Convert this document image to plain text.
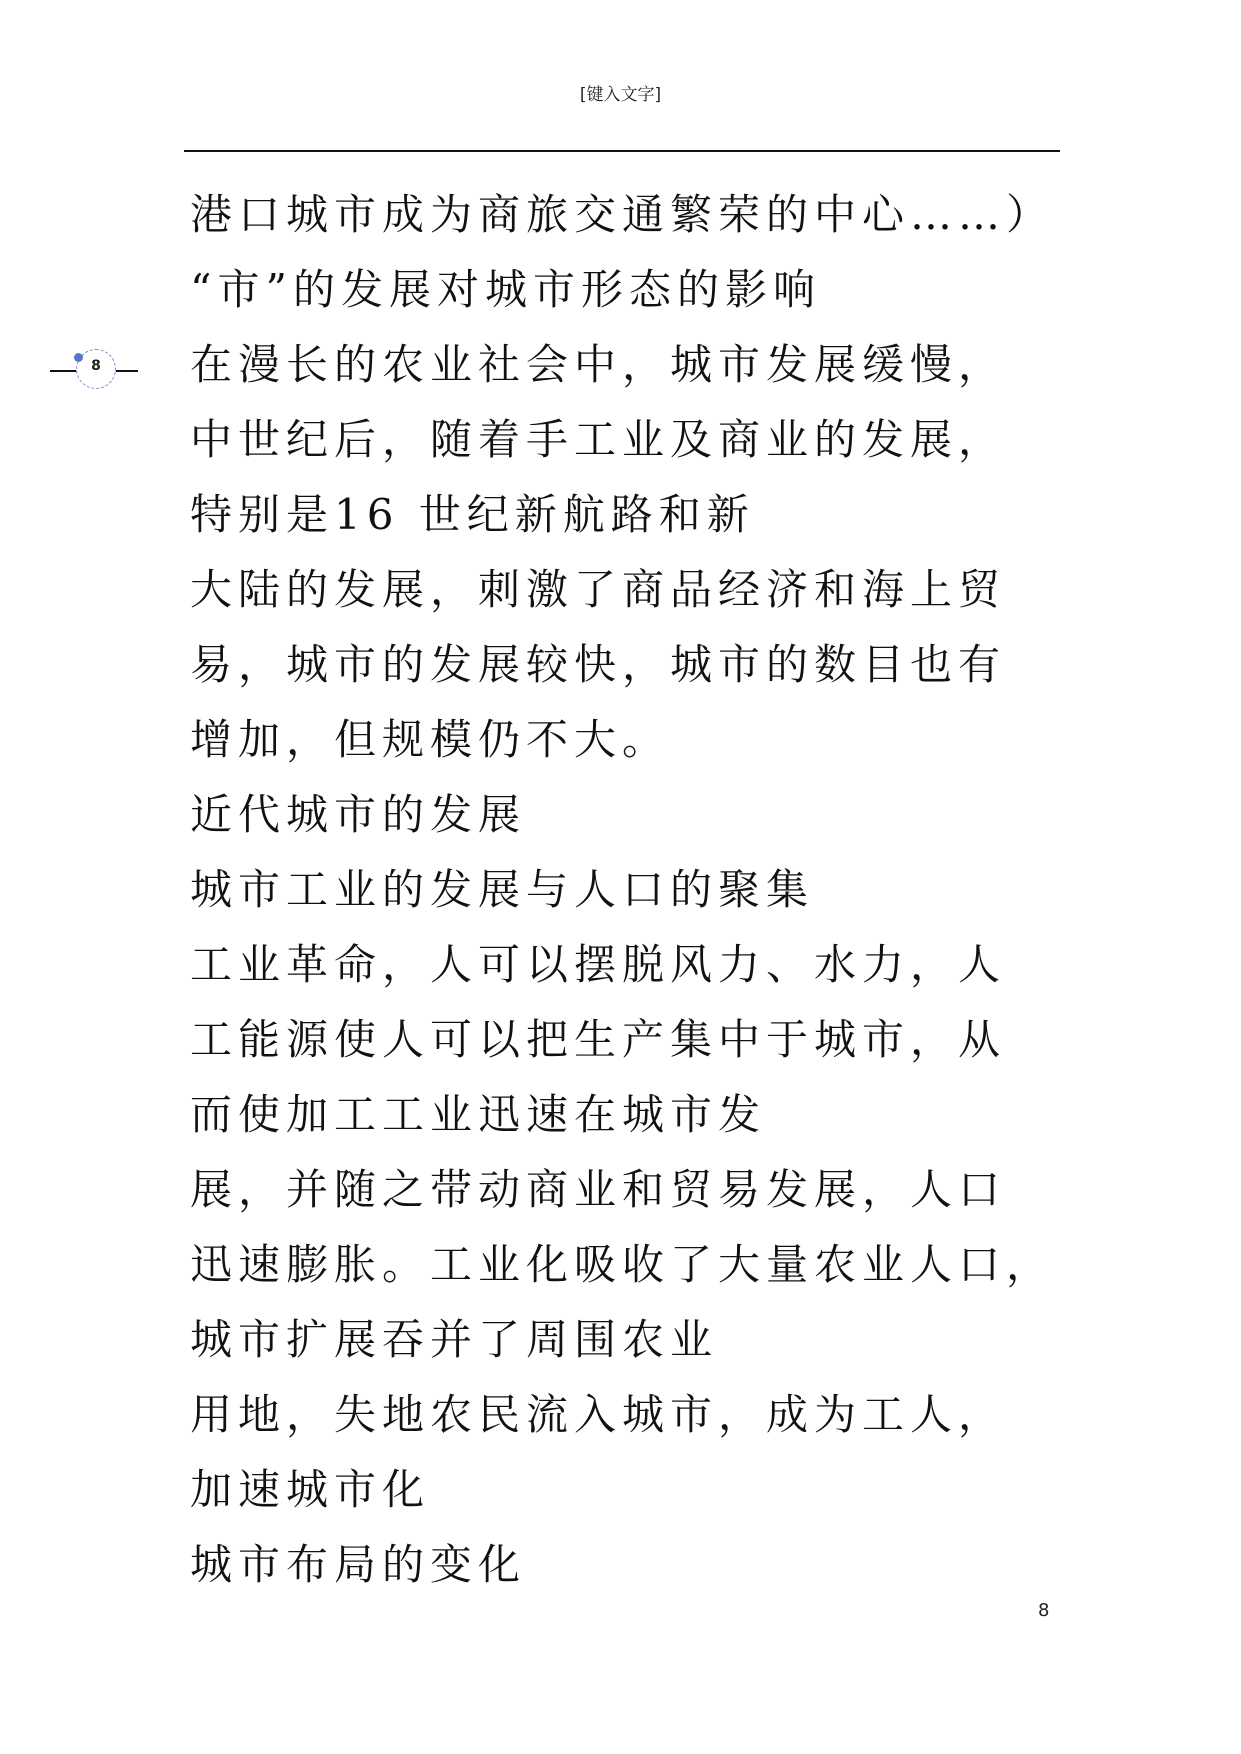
[键入文字]
8
港口城市成为商旅交通繁荣的中心……）
“市”的发展对城市形态的影响
在漫长的农业社会中，城市发展缓慢，
中世纪后，随着手工业及商业的发展，
特别是16 世纪新航路和新
大陆的发展，刺激了商品经济和海上贸
易，城市的发展较快，城市的数目也有
增加，但规模仍不大。
近代城市的发展
城市工业的发展与人口的聚集
工业革命，人可以摆脱风力、水力，人
工能源使人可以把生产集中于城市，从
而使加工工业迅速在城市发
展，并随之带动商业和贸易发展，人口
迅速膨胀。工业化吸收了大量农业人口，
城市扩展吞并了周围农业
用地，失地农民流入城市，成为工人，
加速城市化
城市布局的变化
8
